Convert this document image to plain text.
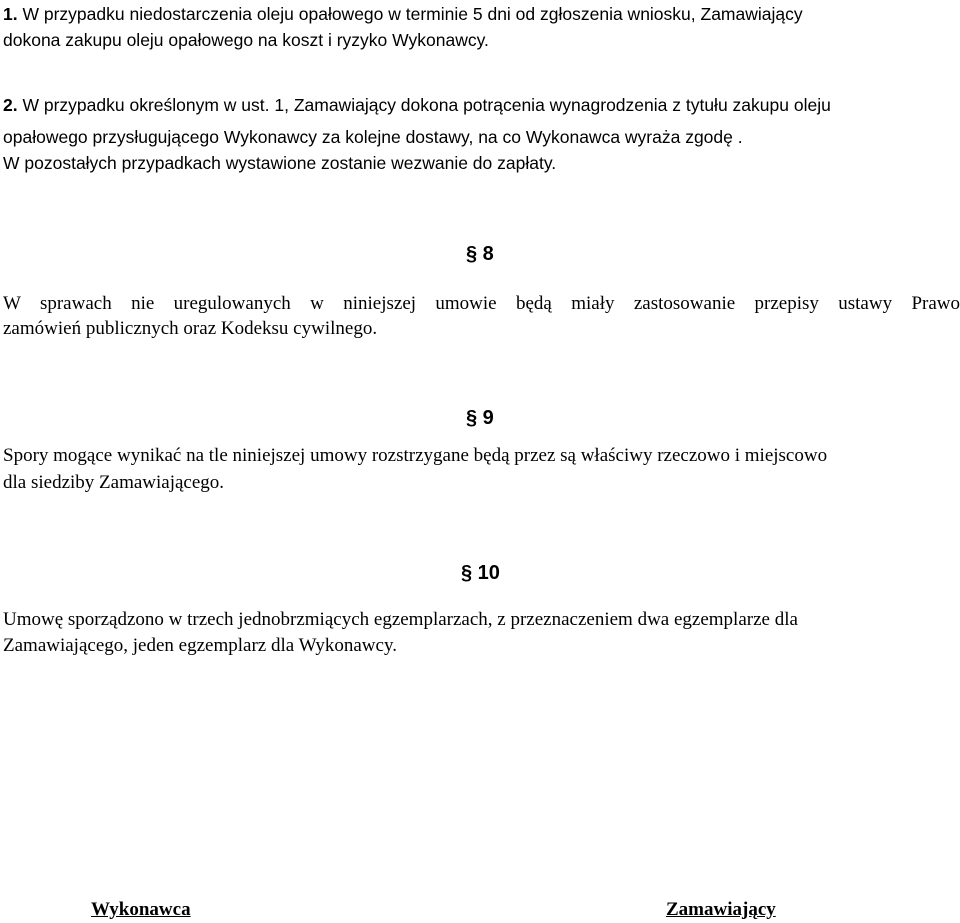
1. W przypadku niedostarczenia oleju opałowego w terminie 5 dni od zgłoszenia wniosku, Zamawiający
dokona zakupu oleju opałowego na koszt i ryzyko Wykonawcy.
2. W przypadku określonym w ust. 1, Zamawiający dokona potrącenia wynagrodzenia z tytułu zakupu oleju
opałowego przysługującego Wykonawcy za kolejne dostawy, na co Wykonawca wyraża zgodę .
W pozostałych przypadkach wystawione zostanie wezwanie do zapłaty.
§ 8
W sprawach nie uregulowanych w niniejszej umowie będą miały zastosowanie przepisy ustawy Prawo
zamówień publicznych oraz Kodeksu cywilnego.
§ 9
Spory mogące wynikać na tle niniejszej umowy rozstrzygane będą przez są właściwy rzeczowo i miejscowo
dla siedziby Zamawiającego.
§ 10
Umowę sporządzono w trzech jednobrzmiących egzemplarzach, z przeznaczeniem dwa egzemplarze dla
Zamawiającego, jeden egzemplarz dla Wykonawcy.
Wykonawca	Zamawiający
